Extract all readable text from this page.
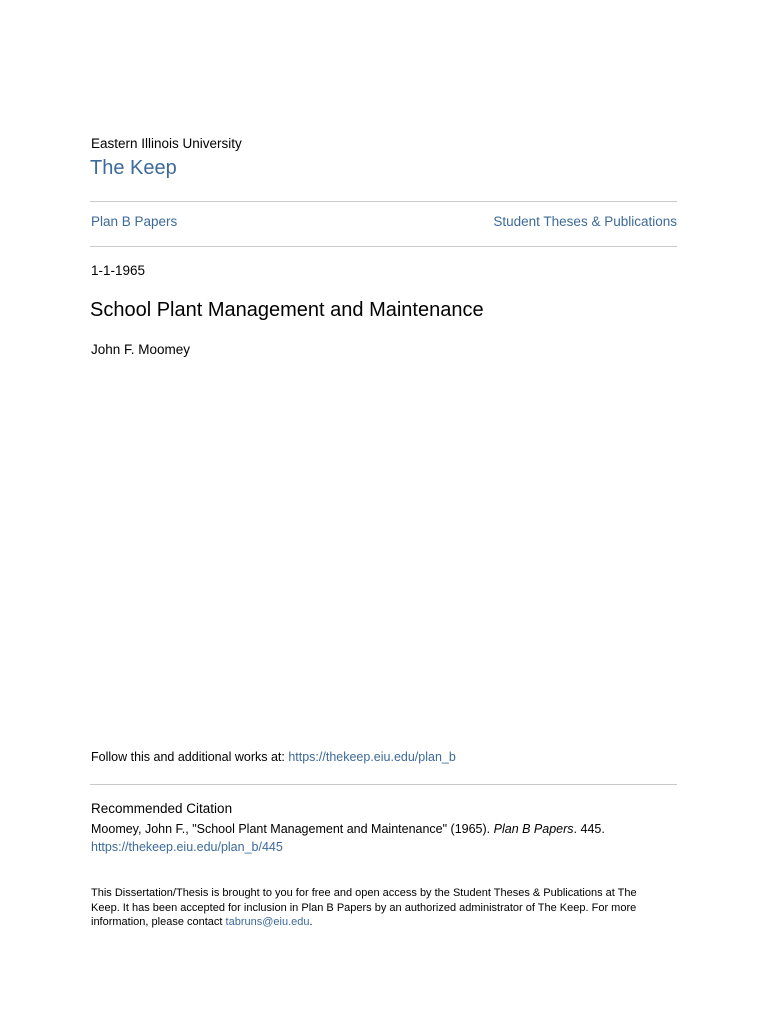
Eastern Illinois University
The Keep
Plan B Papers	Student Theses & Publications
1-1-1965
School Plant Management and Maintenance
John F. Moomey
Follow this and additional works at: https://thekeep.eiu.edu/plan_b
Recommended Citation
Moomey, John F., "School Plant Management and Maintenance" (1965). Plan B Papers. 445.
https://thekeep.eiu.edu/plan_b/445
This Dissertation/Thesis is brought to you for free and open access by the Student Theses & Publications at The Keep. It has been accepted for inclusion in Plan B Papers by an authorized administrator of The Keep. For more information, please contact tabruns@eiu.edu.
